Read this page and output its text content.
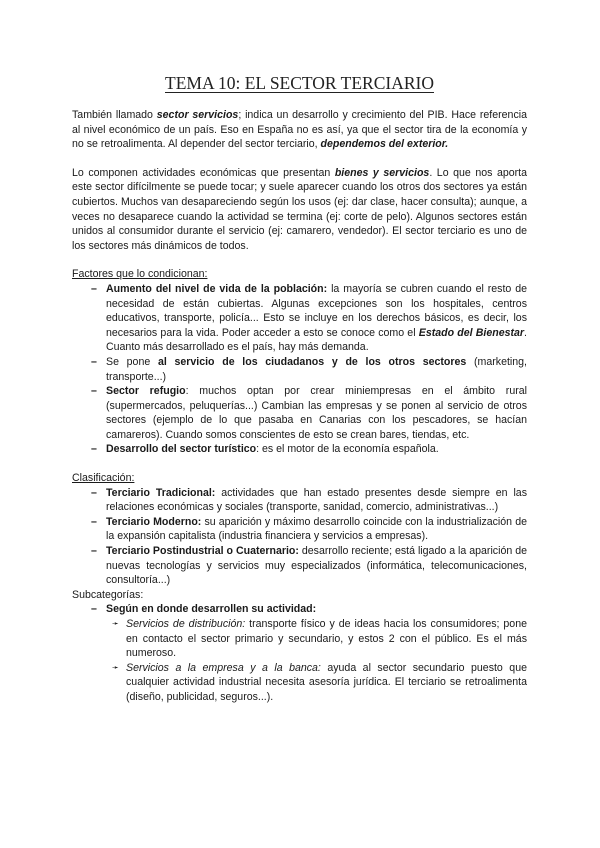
TEMA 10: EL SECTOR TERCIARIO

También llamado sector servicios; indica un desarrollo y crecimiento del PIB. Hace referencia al nivel económico de un país. Eso en España no es así, ya que el sector tira de la economía y no se retroalimenta. Al depender del sector terciario, dependemos del exterior.

Lo componen actividades económicas que presentan bienes y servicios. Lo que nos aporta este sector difícilmente se puede tocar; y suele aparecer cuando los otros dos sectores ya están cubiertos. Muchos van desapareciendo según los usos (ej: dar clase, hacer consulta); aunque, a veces no desaparece cuando la actividad se termina (ej: corte de pelo). Algunos sectores están unidos al consumidor durante el servicio (ej: camarero, vendedor). El sector terciario es uno de los sectores más dinámicos de todos.

Factores que lo condicionan:

– Aumento del nivel de vida de la población: la mayoría se cubren cuando el resto de necesidad de están cubiertas. Algunas excepciones son los hospitales, centros educativos, transporte, policía... Esto se incluye en los derechos básicos, es decir, los necesarios para la vida. Poder acceder a esto se conoce como el Estado del Bienestar. Cuanto más desarrollado es el país, hay más demanda.
– Se pone al servicio de los ciudadanos y de los otros sectores (marketing, transporte...)
– Sector refugio: muchos optan por crear miniempresas en el ámbito rural (supermercados, peluquerías...) Cambian las empresas y se ponen al servicio de otros sectores (ejemplo de lo que pasaba en Canarias con los pescadores, se hacían camareros). Cuando somos conscientes de esto se crean bares, tiendas, etc.
– Desarrollo del sector turístico: es el motor de la economía española.

Clasificación:

– Terciario Tradicional: actividades que han estado presentes desde siempre en las relaciones económicas y sociales (transporte, sanidad, comercio, administrativas...)
– Terciario Moderno: su aparición y máximo desarrollo coincide con la industrialización de la expansión capitalista (industria financiera y servicios a empresas).
– Terciario Postindustrial o Cuaternario: desarrollo reciente; está ligado a la aparición de nuevas tecnologías y servicios muy especializados (informática, telecomunicaciones, consultoría...)

Subcategorías:

– Según en donde desarrollen su actividad:
➛ Servicios de distribución: transporte físico y de ideas hacia los consumidores; pone en contacto el sector primario y secundario, y estos 2 con el público. Es el más numeroso.
➛ Servicios a la empresa y a la banca: ayuda al sector secundario puesto que cualquier actividad industrial necesita asesoría jurídica. El terciario se retroalimenta (diseño, publicidad, seguros...).
